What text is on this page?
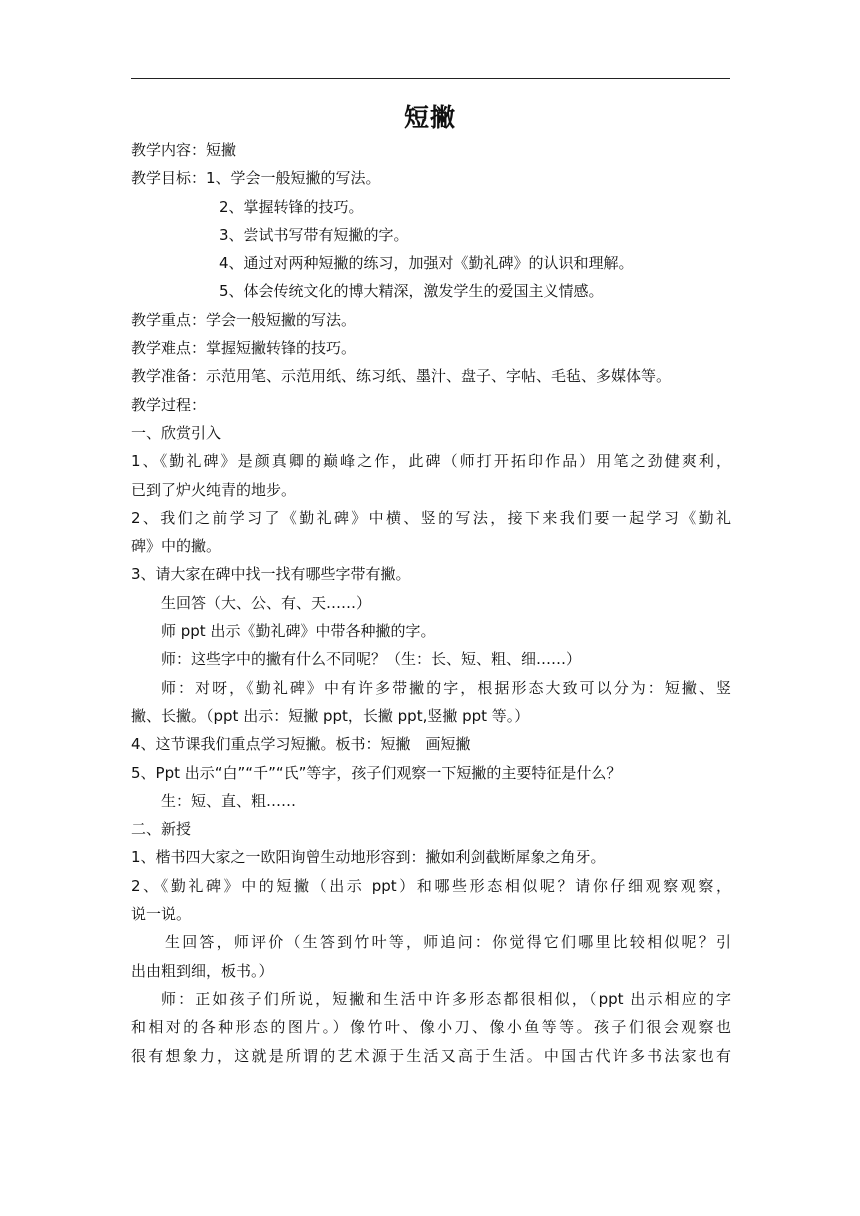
短撇

教学内容：短撇

教学目标：1、学会一般短撇的写法。

2、掌握转锋的技巧。

3、尝试书写带有短撇的字。

4、通过对两种短撇的练习，加强对《勤礼碑》的认识和理解。

5、体会传统文化的博大精深，激发学生的爱国主义情感。

教学重点：学会一般短撇的写法。

教学难点：掌握短撇转锋的技巧。

教学准备：示范用笔、示范用纸、练习纸、墨汁、盘子、字帖、毛毡、多媒体等。

教学过程：

一、欣赏引入

1、《勤礼碑》是颜真卿的巅峰之作，此碑（师打开拓印作品）用笔之劲健爽利，

已到了炉火纯青的地步。

2、我们之前学习了《勤礼碑》中横、竖的写法，接下来我们要一起学习《勤礼

碑》中的撇。

3、请大家在碑中找一找有哪些字带有撇。

生回答（大、公、有、天……）

师 ppt 出示《勤礼碑》中带各种撇的字。

师：这些字中的撇有什么不同呢？（生：长、短、粗、细……）

师：对呀，《勤礼碑》中有许多带撇的字，根据形态大致可以分为：短撇、竖

撇、长撇。（ppt 出示：短撇 ppt，长撇 ppt,竖撇 ppt 等。）

4、这节课我们重点学习短撇。板书：短撇　画短撇

5、Ppt 出示“白”“千”“氏”等字，孩子们观察一下短撇的主要特征是什么？

生：短、直、粗……

二、新授

1、楷书四大家之一欧阳询曾生动地形容到：撇如利剑截断犀象之角牙。

2、《勤礼碑》中的短撇（出示 ppt）和哪些形态相似呢？请你仔细观察观察，

说一说。

生回答，师评价（生答到竹叶等，师追问：你觉得它们哪里比较相似呢？引

出由粗到细，板书。）

师：正如孩子们所说，短撇和生活中许多形态都很相似，（ppt 出示相应的字

和相对的各种形态的图片。）像竹叶、像小刀、像小鱼等等。孩子们很会观察也

很有想象力，这就是所谓的艺术源于生活又高于生活。中国古代许多书法家也有
